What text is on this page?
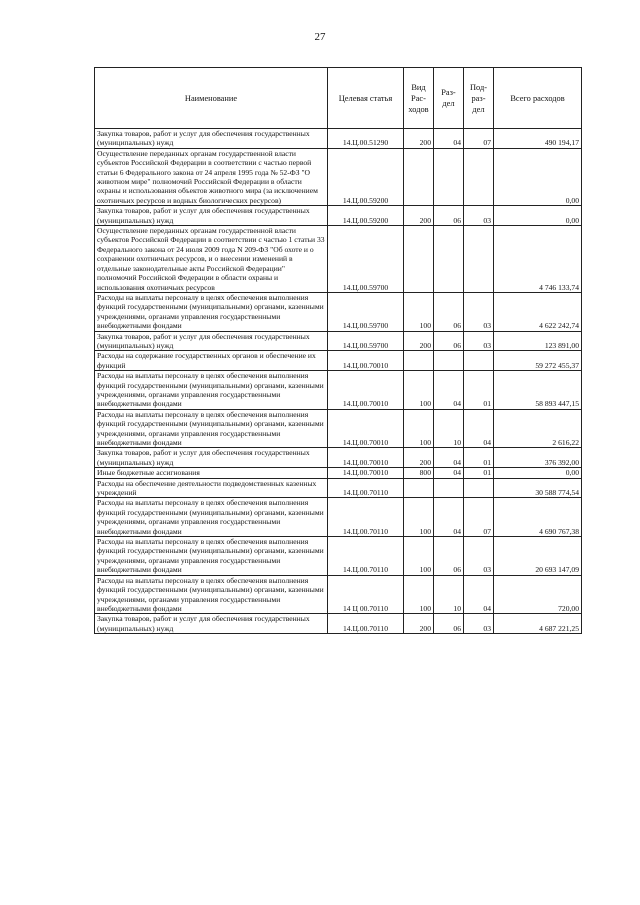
27
Наименование	Целевая статья	Вид Рас- ходов	Раз- дел	Под- раз- дел	Всего расходов
Закупка товаров, работ и услуг для обеспечения государственных (муниципальных) нужд	14.Ц.00.51290	200	04	07	490 194,17
Осуществление переданных органам государственной власти субъектов Российской Федерации в соответствии с частью первой статьи 6 Федерального закона от 24 апреля 1995 года № 52-ФЗ "О животном мире" полномочий Российской Федерации в области охраны и использования объектов животного мира (за исключением охотничьих ресурсов и водных биологических ресурсов)	14.Ц.00.59200				0,00
Закупка товаров, работ и услуг для обеспечения государственных (муниципальных) нужд	14.Ц.00.59200	200	06	03	0,00
Осуществление переданных органам государственной власти субъектов Российской Федерации в соответствии с частью 1 статьи 33 Федерального закона от 24 июля 2009 года N 209-ФЗ "Об охоте и о сохранении охотничьих ресурсов, и о внесении изменений в отдельные законодательные акты Российской Федерации" полномочий Российской Федерации в области охраны и использования охотничьих ресурсов	14.Ц.00.59700				4 746 133,74
Расходы на выплаты персоналу в целях обеспечения выполнения функций государственными (муниципальными) органами, казенными учреждениями, органами управления государственными внебюджетными фондами	14.Ц.00.59700	100	06	03	4 622 242,74
Закупка товаров, работ и услуг для обеспечения государственных (муниципальных) нужд	14.Ц.00.59700	200	06	03	123 891,00
Расходы на содержание государственных органов и обеспечение их функций	14.Ц.00.70010				59 272 455,37
Расходы на выплаты персоналу в целях обеспечения выполнения функций государственными (муниципальными) органами, казенными учреждениями, органами управления государственными внебюджетными фондами	14.Ц.00.70010	100	04	01	58 893 447,15
Расходы на выплаты персоналу в целях обеспечения выполнения функций государственными (муниципальными) органами, казенными учреждениями, органами управления государственными внебюджетными фондами	14.Ц.00.70010	100	10	04	2 616,22
Закупка товаров, работ и услуг для обеспечения государственных (муниципальных) нужд	14.Ц.00.70010	200	04	01	376 392,00
Иные бюджетные ассигнования	14.Ц.00.70010	800	04	01	0,00
Расходы на обеспечение деятельности подведомственных казенных учреждений	14.Ц.00.70110				30 588 774,54
Расходы на выплаты персоналу в целях обеспечения выполнения функций государственными (муниципальными) органами, казенными учреждениями, органами управления государственными внебюджетными фондами	14.Ц.00.70110	100	04	07	4 690 767,38
Расходы на выплаты персоналу в целях обеспечения выполнения функций государственными (муниципальными) органами, казенными учреждениями, органами управления государственными внебюджетными фондами	14.Ц.00.70110	100	06	03	20 693 147,09
Расходы на выплаты персоналу в целях обеспечения выполнения функций государственными (муниципальными) органами, казенными учреждениями, органами управления государственными внебюджетными фондами	14 Ц 00.70110	100	10	04	720,00
Закупка товаров, работ и услуг для обеспечения государственных (муниципальных) нужд	14.Ц.00.70110	200	06	03	4 687 221,25
